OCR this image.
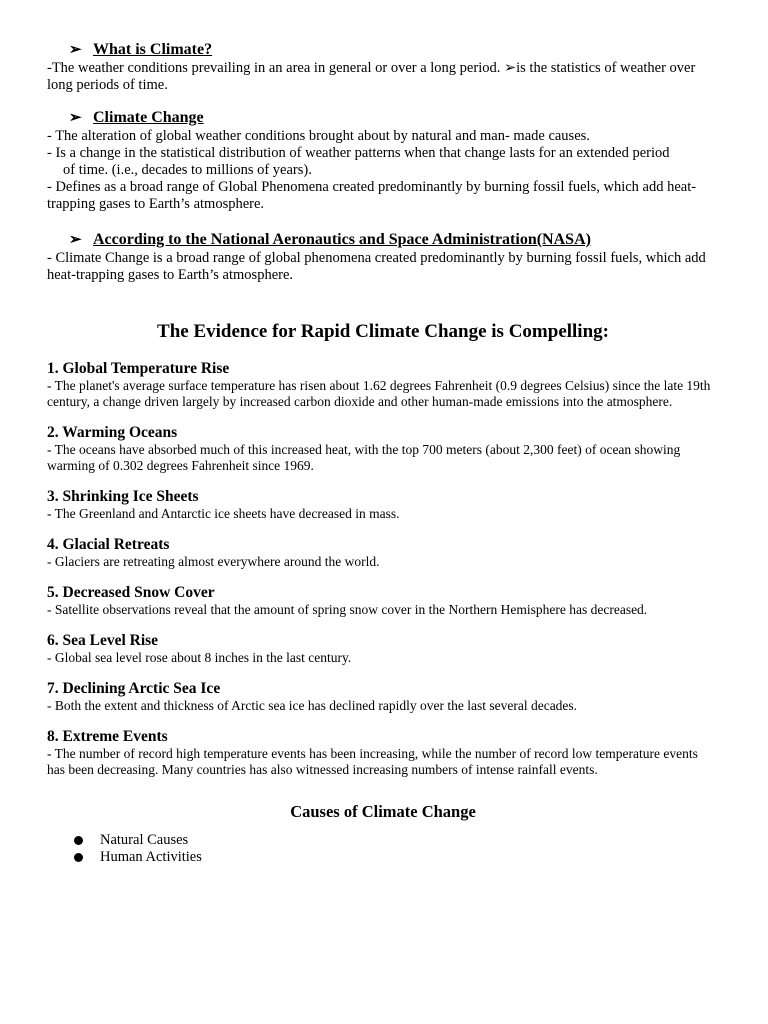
➢ What is Climate?

-The weather conditions prevailing in an area in general or over a long period. ➢is the statistics of weather over long periods of time.

➢ Climate Change

- The alteration of global weather conditions brought about by natural and man- made causes.

- Is a change in the statistical distribution of weather patterns when that change lasts for an extended period

of time. (i.e., decades to millions of years).

- Defines as a broad range of Global Phenomena created predominantly by burning fossil fuels, which add heat- trapping gases to Earth’s atmosphere.

➢ According to the National Aeronautics and Space Administration(NASA)

- Climate Change is a broad range of global phenomena created predominantly by burning fossil fuels, which add heat-trapping gases to Earth’s atmosphere.

The Evidence for Rapid Climate Change is Compelling:
1. Global Temperature Rise
- The planet's average surface temperature has risen about 1.62 degrees Fahrenheit (0.9 degrees Celsius) since the late 19th century, a change driven largely by increased carbon dioxide and other human-made emissions into the atmosphere.
2. Warming Oceans
- The oceans have absorbed much of this increased heat, with the top 700 meters (about 2,300 feet) of ocean showing warming of 0.302 degrees Fahrenheit since 1969.
3. Shrinking Ice Sheets
- The Greenland and Antarctic ice sheets have decreased in mass.
4. Glacial Retreats
- Glaciers are retreating almost everywhere around the world.
5. Decreased Snow Cover
- Satellite observations reveal that the amount of spring snow cover in the Northern Hemisphere has decreased.
6. Sea Level Rise
- Global sea level rose about 8 inches in the last century.
7. Declining Arctic Sea Ice
- Both the extent and thickness of Arctic sea ice has declined rapidly over the last several decades.
8. Extreme Events
- The number of record high temperature events has been increasing, while the number of record low temperature events has been decreasing. Many countries has also witnessed increasing numbers of intense rainfall events.
Causes of Climate Change
Natural Causes
Human Activities
